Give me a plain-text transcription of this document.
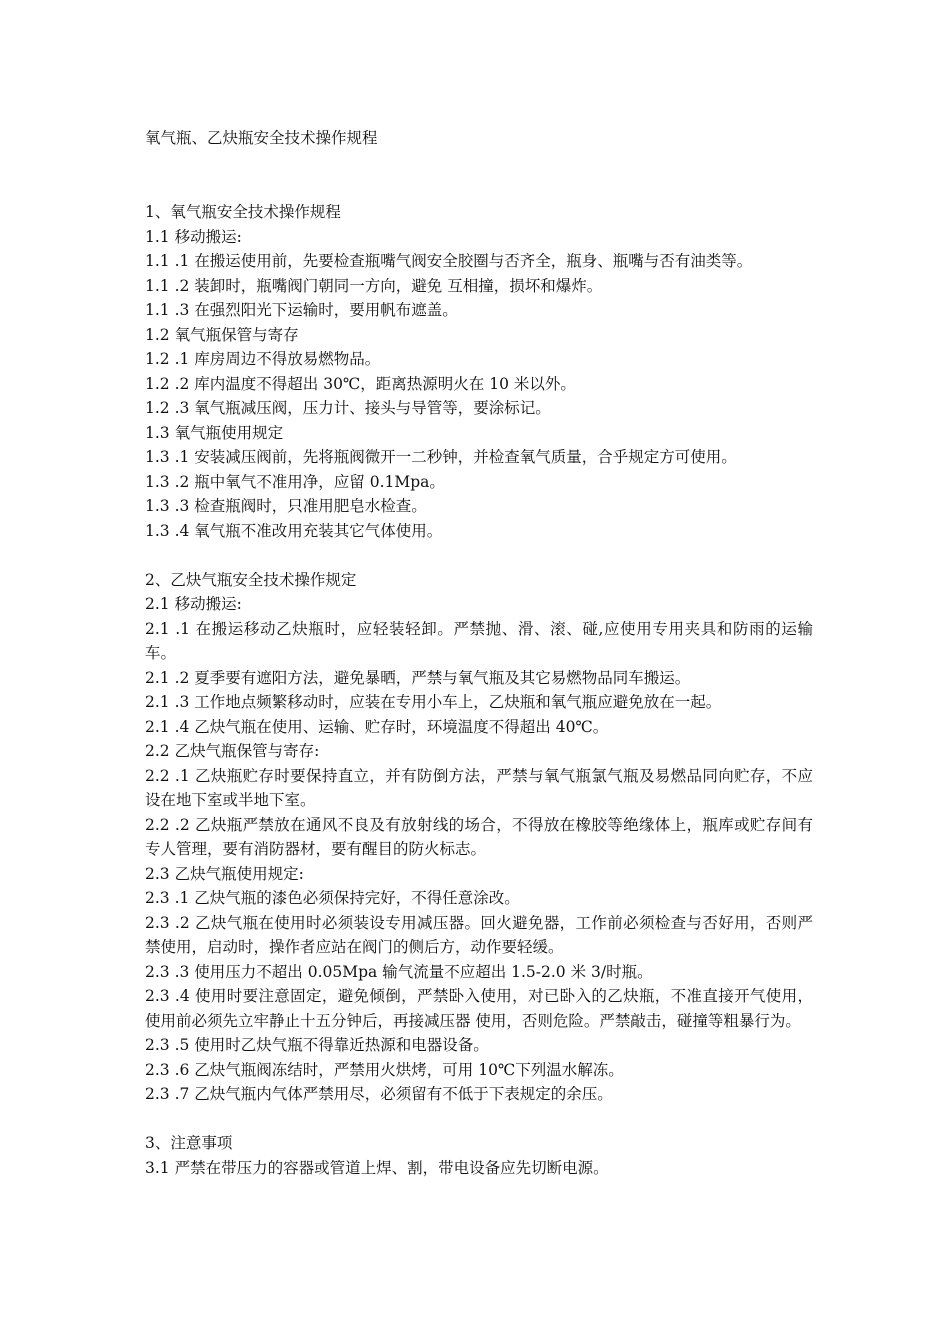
氧气瓶、乙炔瓶安全技术操作规程
1、氧气瓶安全技术操作规程
1.1 移动搬运:
1.1 .1 在搬运使用前，先要检查瓶嘴气阀安全胶圈与否齐全，瓶身、瓶嘴与否有油类等。
1.1 .2 装卸时，瓶嘴阀门朝同一方向，避免 互相撞，损坏和爆炸。
1.1 .3 在强烈阳光下运输时，要用帆布遮盖。
1.2 氧气瓶保管与寄存
1.2 .1 库房周边不得放易燃物品。
1.2 .2 库内温度不得超出 30℃，距离热源明火在 10 米以外。
1.2 .3 氧气瓶减压阀，压力计、接头与导管等，要涂标记。
1.3 氧气瓶使用规定
1.3 .1 安装减压阀前，先将瓶阀微开一二秒钟，并检查氧气质量，合乎规定方可使用。
1.3 .2 瓶中氧气不准用净，应留 0.1Mpa。
1.3 .3 检查瓶阀时，只准用肥皂水检查。
1.3 .4 氧气瓶不准改用充装其它气体使用。
2、乙炔气瓶安全技术操作规定
2.1 移动搬运:
2.1 .1 在搬运移动乙炔瓶时，应轻装轻卸。严禁抛、滑、滚、碰,应使用专用夹具和防雨的运输车。
2.1 .2 夏季要有遮阳方法，避免暴晒，严禁与氧气瓶及其它易燃物品同车搬运。
2.1 .3 工作地点频繁移动时，应装在专用小车上，乙炔瓶和氧气瓶应避免放在一起。
2.1 .4 乙炔气瓶在使用、运输、贮存时，环境温度不得超出 40℃。
2.2 乙炔气瓶保管与寄存:
2.2 .1 乙炔瓶贮存时要保持直立，并有防倒方法，严禁与氧气瓶氯气瓶及易燃品同向贮存，不应设在地下室或半地下室。
2.2 .2 乙炔瓶严禁放在通风不良及有放射线的场合，不得放在橡胶等绝缘体上，瓶库或贮存间有专人管理，要有消防器材，要有醒目的防火标志。
2.3 乙炔气瓶使用规定:
2.3 .1 乙炔气瓶的漆色必须保持完好，不得任意涂改。
2.3 .2 乙炔气瓶在使用时必须装设专用减压器。回火避免器，工作前必须检查与否好用，否则严禁使用，启动时，操作者应站在阀门的侧后方，动作要轻缓。
2.3 .3 使用压力不超出 0.05Mpa 输气流量不应超出 1.5-2.0 米 3/时瓶。
2.3 .4 使用时要注意固定，避免倾倒，严禁卧入使用，对已卧入的乙炔瓶，不准直接开气使用，使用前必须先立牢静止十五分钟后，再接减压器 使用，否则危险。严禁敲击，碰撞等粗暴行为。
2.3 .5 使用时乙炔气瓶不得靠近热源和电器设备。
2.3 .6 乙炔气瓶阀冻结时，严禁用火烘烤，可用 10℃下列温水解冻。
2.3 .7 乙炔气瓶内气体严禁用尽，必须留有不低于下表规定的余压。
3、注意事项
3.1 严禁在带压力的容器或管道上焊、割，带电设备应先切断电源。
